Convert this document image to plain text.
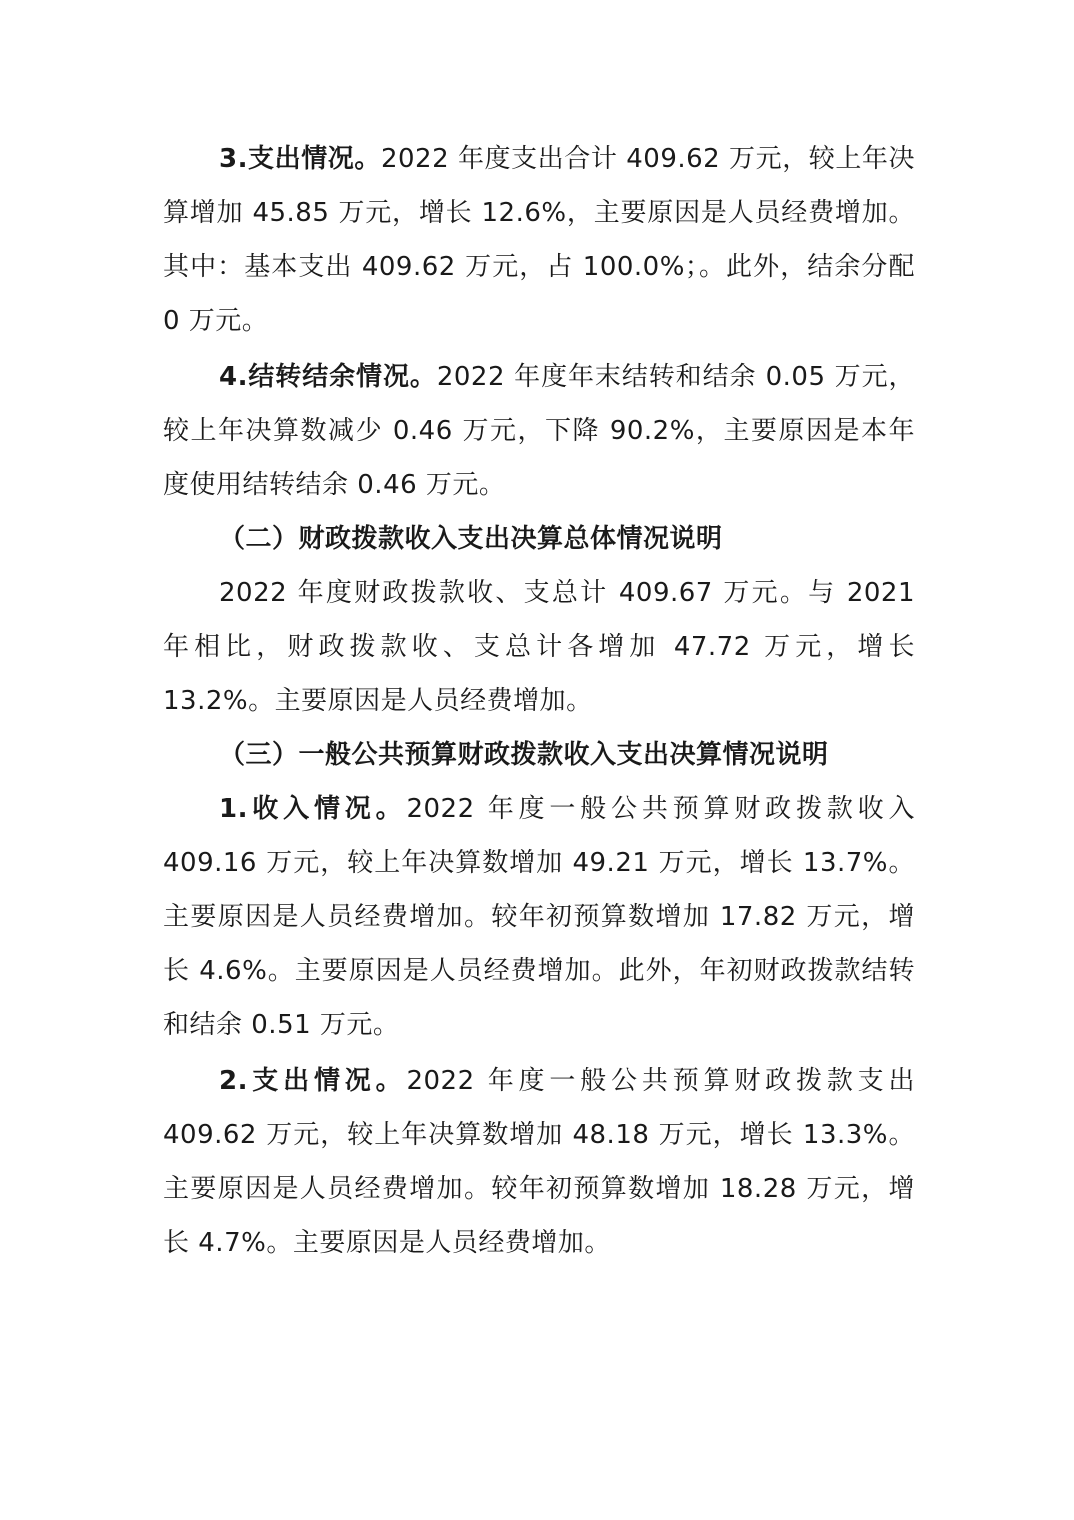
3.支出情况。2022 年度支出合计 409.62 万元，较上年决算增加 45.85 万元，增长 12.6%，主要原因是人员经费增加。其中：基本支出 409.62 万元，占 100.0%；。此外，结余分配 0 万元。

4.结转结余情况。2022 年度年末结转和结余 0.05 万元，较上年决算数减少 0.46 万元，下降 90.2%，主要原因是本年度使用结转结余 0.46 万元。

（二）财政拨款收入支出决算总体情况说明

2022 年度财政拨款收、支总计 409.67 万元。与 2021 年相比，财政拨款收、支总计各增加 47.72 万元，增长 13.2%。主要原因是人员经费增加。

（三）一般公共预算财政拨款收入支出决算情况说明

1.收入情况。2022 年度一般公共预算财政拨款收入 409.16 万元，较上年决算数增加 49.21 万元，增长 13.7%。主要原因是人员经费增加。较年初预算数增加 17.82 万元，增长 4.6%。主要原因是人员经费增加。此外，年初财政拨款结转和结余 0.51 万元。

2.支出情况。2022 年度一般公共预算财政拨款支出 409.62 万元，较上年决算数增加 48.18 万元，增长 13.3%。主要原因是人员经费增加。较年初预算数增加 18.28 万元，增长 4.7%。主要原因是人员经费增加。
